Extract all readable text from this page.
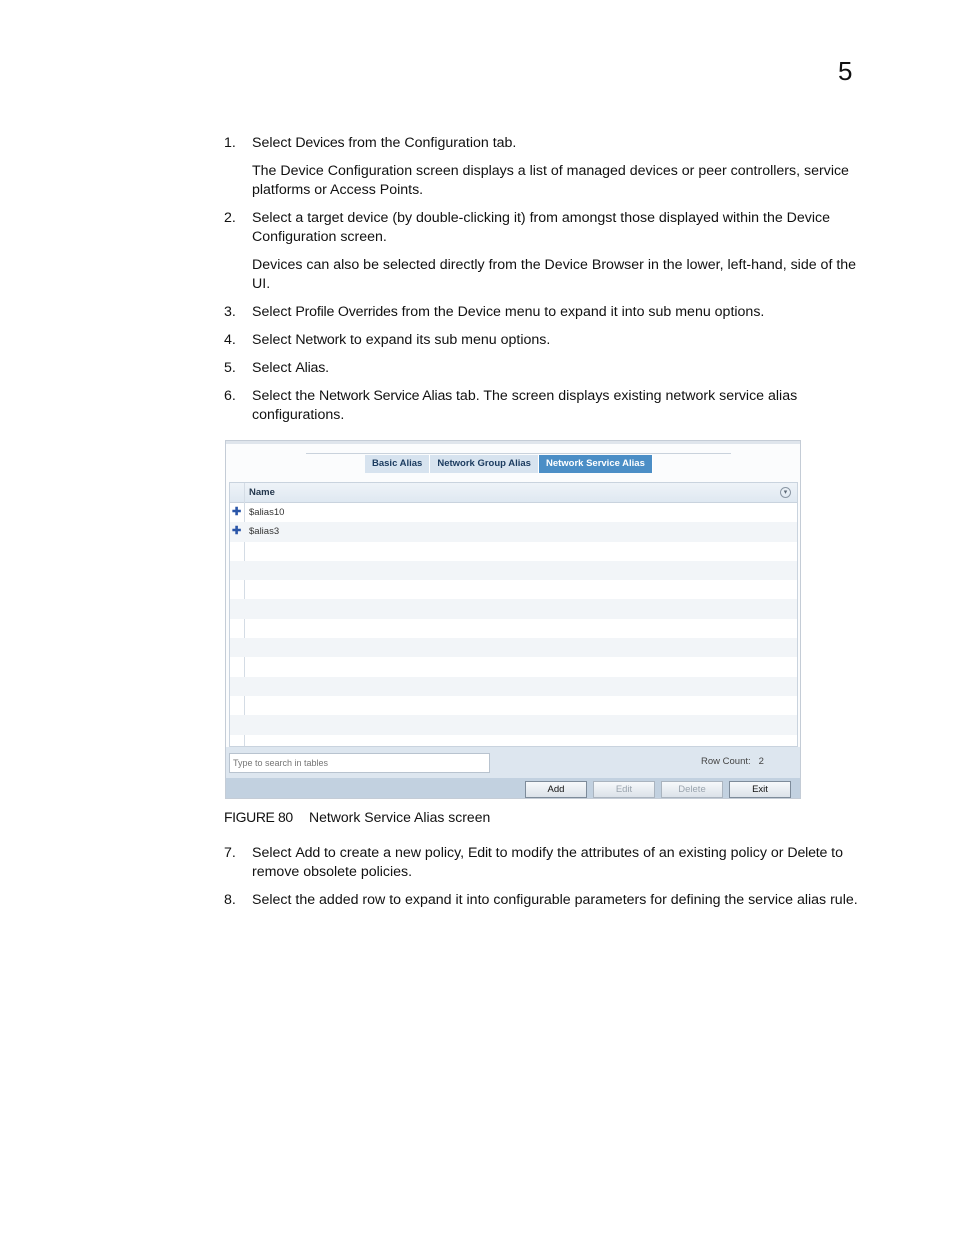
5
1. Select Devices from the Configuration tab.

The Device Configuration screen displays a list of managed devices or peer controllers, service platforms or Access Points.

2. Select a target device (by double-clicking it) from amongst those displayed within the Device Configuration screen.

Devices can also be selected directly from the Device Browser in the lower, left-hand, side of the UI.

3. Select Profile Overrides from the Device menu to expand it into sub menu options.

4. Select Network to expand its sub menu options.

5. Select Alias.

6. Select the Network Service Alias tab. The screen displays existing network service alias configurations.

Basic Alias	Network Group Alias	Network Service Alias
Name	▾
✚ $alias10
✚ $alias3
Type to search in tables
Row Count: 2
Add	Edit	Delete	Exit
FIGURE 80 Network Service Alias screen
7. Select Add to create a new policy, Edit to modify the attributes of an existing policy or Delete to remove obsolete policies.

8. Select the added row to expand it into configurable parameters for defining the service alias rule.
